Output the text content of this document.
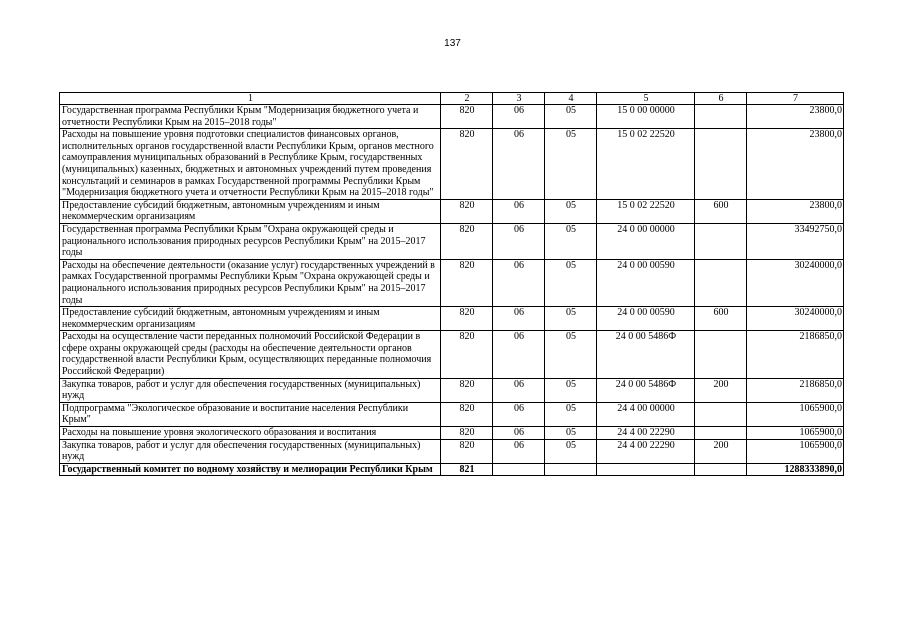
137
1	2	3	4	5	6	7
Государственная программа Республики Крым "Модернизация бюджетного учета и отчетности Республики Крым на 2015–2018 годы"	820	06	05	15 0 00 00000		23800,0
Расходы на повышение уровня подготовки специалистов финансовых органов, исполнительных органов государственной власти Республики Крым, органов местного самоуправления муниципальных образований в Республике Крым, государственных (муниципальных) казенных, бюджетных и автономных учреждений путем проведения консультаций и семинаров в рамках Государственной программы Республики Крым "Модернизация бюджетного учета и отчетности Республики Крым на 2015–2018 годы"	820	06	05	15 0 02 22520		23800,0
Предоставление субсидий бюджетным, автономным учреждениям и иным некоммерческим организациям	820	06	05	15 0 02 22520	600	23800,0
Государственная программа Республики Крым "Охрана окружающей среды и рационального использования природных ресурсов Республики Крым" на 2015–2017 годы	820	06	05	24 0 00 00000		33492750,0
Расходы на обеспечение деятельности (оказание услуг) государственных учреждений в рамках Государственной программы Республики Крым "Охрана окружающей среды и рационального использования природных ресурсов Республики Крым" на 2015–2017 годы	820	06	05	24 0 00 00590		30240000,0
Предоставление субсидий бюджетным, автономным учреждениям и иным некоммерческим организациям	820	06	05	24 0 00 00590	600	30240000,0
Расходы на осуществление части переданных полномочий Российской Федерации в сфере охраны окружающей среды (расходы на обеспечение деятельности органов государственной власти Республики Крым, осуществляющих переданные полномочия Российской Федерации)	820	06	05	24 0 00 5486Ф		2186850,0
Закупка товаров, работ и услуг для обеспечения государственных (муниципальных) нужд	820	06	05	24 0 00 5486Ф	200	2186850,0
Подпрограмма "Экологическое образование и воспитание населения Республики Крым"	820	06	05	24 4 00 00000		1065900,0
Расходы на повышение уровня экологического образования и воспитания	820	06	05	24 4 00 22290		1065900,0
Закупка товаров, работ и услуг для обеспечения государственных (муниципальных) нужд	820	06	05	24 4 00 22290	200	1065900,0
Государственный комитет по водному хозяйству и мелиорации Республики Крым	821					1288333890,0
